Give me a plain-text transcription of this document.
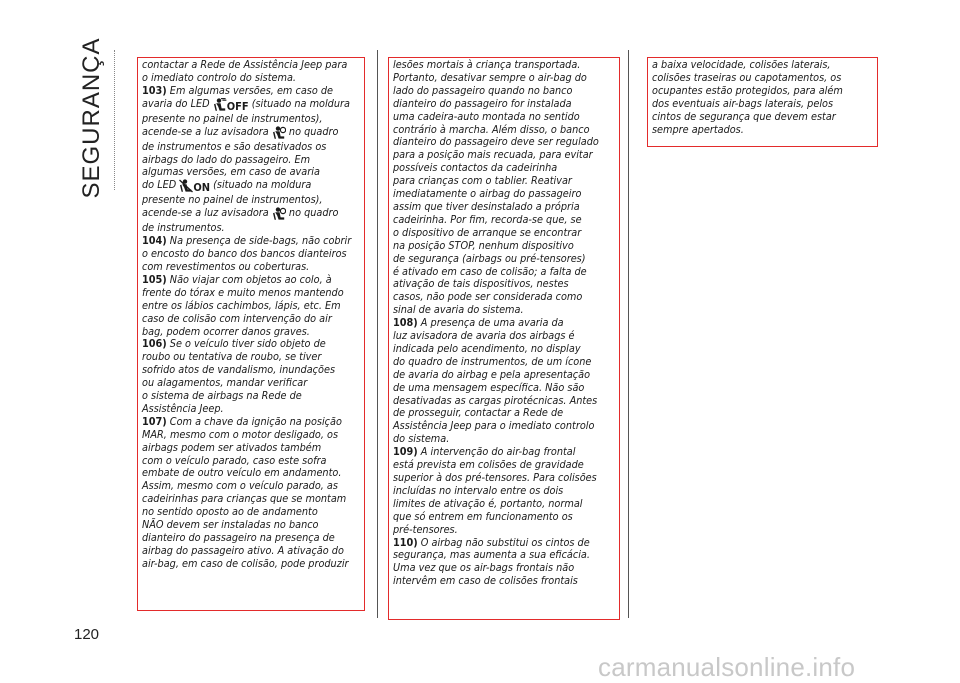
SEGURANÇA
120

contactar a Rede de Assistência Jeep para

o imediato controlo do sistema.

103) Em algumas versões, em caso de

avaria do LED OFF (situado na moldura

presente no painel de instrumentos),

acende-se a luz avisadora  no quadro

de instrumentos e são desativados os

airbags do lado do passageiro. Em

algumas versões, em caso de avaria

do LED ON (situado na moldura

presente no painel de instrumentos),

acende-se a luz avisadora  no quadro

de instrumentos.

104) Na presença de side-bags, não cobrir

o encosto do banco dos bancos dianteiros

com revestimentos ou coberturas.

105) Não viajar com objetos ao colo, à

frente do tórax e muito menos mantendo

entre os lábios cachimbos, lápis, etc. Em

caso de colisão com intervenção do air

bag, podem ocorrer danos graves.

106) Se o veículo tiver sido objeto de

roubo ou tentativa de roubo, se tiver

sofrido atos de vandalismo, inundações

ou alagamentos, mandar verificar

o sistema de airbags na Rede de

Assistência Jeep.

107) Com a chave da ignição na posição

MAR, mesmo com o motor desligado, os

airbags podem ser ativados também

com o veículo parado, caso este sofra

embate de outro veículo em andamento.

Assim, mesmo com o veículo parado, as

cadeirinhas para crianças que se montam

no sentido oposto ao de andamento

NÃO devem ser instaladas no banco

dianteiro do passageiro na presença de

airbag do passageiro ativo. A ativação do

air-bag, em caso de colisão, pode produzir

lesões mortais à criança transportada.

Portanto, desativar sempre o air-bag do

lado do passageiro quando no banco

dianteiro do passageiro for instalada

uma cadeira-auto montada no sentido

contrário à marcha. Além disso, o banco

dianteiro do passageiro deve ser regulado

para a posição mais recuada, para evitar

possíveis contactos da cadeirinha

para crianças com o tablier. Reativar

imediatamente o airbag do passageiro

assim que tiver desinstalado a própria

cadeirinha. Por fim, recorda-se que, se

o dispositivo de arranque se encontrar

na posição STOP, nenhum dispositivo

de segurança (airbags ou pré-tensores)

é ativado em caso de colisão; a falta de

ativação de tais dispositivos, nestes

casos, não pode ser considerada como

sinal de avaria do sistema.

108) A presença de uma avaria da

luz avisadora de avaria dos airbags é

indicada pelo acendimento, no display

do quadro de instrumentos, de um ícone

de avaria do airbag e pela apresentação

de uma mensagem específica. Não são

desativadas as cargas pirotécnicas. Antes

de prosseguir, contactar a Rede de

Assistência Jeep para o imediato controlo

do sistema.

109) A intervenção do air-bag frontal

está prevista em colisões de gravidade

superior à dos pré-tensores. Para colisões

incluídas no intervalo entre os dois

limites de ativação é, portanto, normal

que só entrem em funcionamento os

pré-tensores.

110) O airbag não substitui os cintos de

segurança, mas aumenta a sua eficácia.

Uma vez que os air-bags frontais não

intervêm em caso de colisões frontais

a baixa velocidade, colisões laterais,

colisões traseiras ou capotamentos, os

ocupantes estão protegidos, para além

dos eventuais air-bags laterais, pelos

cintos de segurança que devem estar

sempre apertados.

carmanualsonline.info
